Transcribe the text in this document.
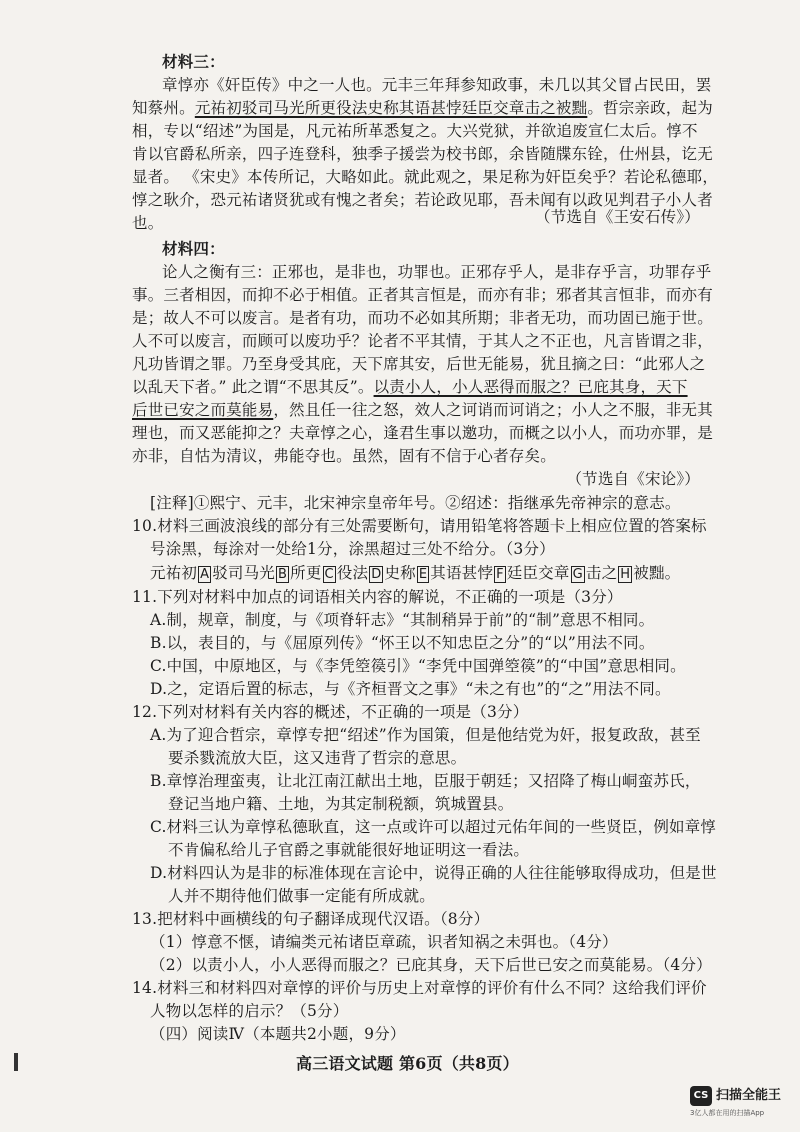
材料三：
章惇亦《奸臣传》中之一人也。元丰三年拜参知政事，未几以其父冒占民田，罢
知蔡州。元祐初驳司马光所更役法史称其语甚悖廷臣交章击之被黜。哲宗亲政，起为
相，专以“绍述”为国是，凡元祐所革悉复之。大兴党狱，并欲追废宣仁太后。惇不
肯以官爵私所亲，四子连登科，独季子援尝为校书郎，余皆随牒东铨，仕州县，讫无
显者。 《宋史》本传所记，大略如此。就此观之，果足称为奸臣矣乎？若论私德耶，
惇之耿介，恐元祐诸贤犹或有愧之者矣；若论政见耶，吾未闻有以政见判君子小人者
也。	（节选自《王安石传》）
材料四：
论人之衡有三：正邪也，是非也，功罪也。正邪存乎人，是非存乎言，功罪存乎
事。三者相因，而抑不必于相值。正者其言恒是，而亦有非；邪者其言恒非，而亦有
是；故人不可以废言。是者有功，而功不必如其所期；非者无功，而功固已施于世。
人不可以废言，而顾可以废功乎？论者不平其情，于其人之不正也，凡言皆谓之非，
凡功皆谓之罪。乃至身受其庇，天下席其安，后世无能易，犹且摘之曰：“此邪人之
以乱天下者。” 此之谓“不思其反”。以责小人，小人恶得而服之？已庇其身，天下
后世已安之而莫能易，然且任一往之怒，效人之诃诮而诃诮之；小人之不服，非无其
理也，而又恶能抑之？夫章惇之心，逢君生事以邀功，而概之以小人，而功亦罪，是
亦非，自怙为清议，弗能夺也。虽然，固有不信于心者存矣。
（节选自《宋论》）
[注释]①熙宁、元丰，北宋神宗皇帝年号。②绍述：指继承先帝神宗的意志。
10.材料三画波浪线的部分有三处需要断句，请用铅笔将答题卡上相应位置的答案标
号涂黑，每涂对一处给1分，涂黑超过三处不给分。（3分）
元祐初 A 驳司马光 B 所更 C 役法 D 史称 E 其语甚悖 F 廷臣交章 G 击之 H 被黜。
11.下列对材料中加点的词语相关内容的解说，不正确的一项是（3分）
A.制，规章，制度，与《项脊轩志》“其制稍异于前”的“制”意思不相同。
B.以，表目的，与《屈原列传》“怀王以不知忠臣之分”的“以”用法不同。
C.中国，中原地区，与《李凭箜篌引》“李凭中国弹箜篌”的“中国”意思相同。
D.之，定语后置的标志，与《齐桓晋文之事》“未之有也”的“之”用法不同。
12.下列对材料有关内容的概述，不正确的一项是（3分）
A.为了迎合哲宗，章惇专把“绍述”作为国策，但是他结党为奸，报复政敌，甚至
要杀戮流放大臣，这又违背了哲宗的意思。
B.章惇治理蛮夷，让北江南江献出土地，臣服于朝廷；又招降了梅山峒蛮苏氏，
登记当地户籍、土地，为其定制税额，筑城置县。
C.材料三认为章惇私德耿直，这一点或许可以超过元佑年间的一些贤臣，例如章惇
不肯偏私给儿子官爵之事就能很好地证明这一看法。
D.材料四认为是非的标准体现在言论中，说得正确的人往往能够取得成功，但是世
人并不期待他们做事一定能有所成就。
13.把材料中画横线的句子翻译成现代汉语。（8分）
（1）惇意不惬，请编类元祐诸臣章疏，识者知祸之未弭也。（4分）
（2）以责小人，小人恶得而服之？已庇其身，天下后世已安之而莫能易。（4分）
14.材料三和材料四对章惇的评价与历史上对章惇的评价有什么不同？这给我们评价
人物以怎样的启示？（5分）
（四）阅读Ⅳ（本题共2小题，9分）
高三语文试题 第6页（共8页）
CS 扫描全能王
3亿人都在用的扫描App
